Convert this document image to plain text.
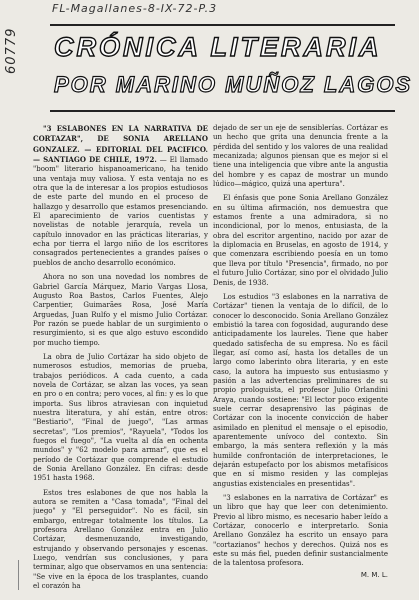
60779
FL-Magallanes-8-IX-72-P.3
CRÓNICA LITERARIA
POR MARINO MUÑOZ LAGOS

"3 ESLABONES EN LA NARRATIVA DE CORTAZAR", DE SONIA ARELLANO GONZALEZ. — EDITORIAL DEL PACIFICO. — SANTIAGO DE CHILE, 1972. — El llamado "boom" literario hispanoamericano, ha tenido una ventaja muy valiosa. Y esta ventaja no es otra que la de interesar a los propios estudiosos de este parte del mundo en el proceso de hallazgo y desarrollo que estamos presenciando. El aparecimiento de varios cuentistas y novelistas de notable jerarquía, revela un capítulo innovador en las prácticas literarias, y echa por tierra el largo niño de los escritores consagrados pertenecientes a grandes países o pueblos de ancho desarrollo económico.

Ahora no son una novedad los nombres de Gabriel García Márquez, Mario Vargas Llosa, Augusto Roa Bastos, Carlos Fuentes, Alejo Carpentier, Guimarães Rosa, José María Arguedas, Juan Rulfo y el mismo Julio Cortázar. Por razón se puede hablar de un surgimiento o resurgimiento, si es que algo estuvo escondido por mucho tiempo.

La obra de Julio Cortázar ha sido objeto de numerosos estudios, memorias de prueba, trabajos periódicos. A cada cuento, a cada novela de Cortázar, se alzan las voces, ya sean en pro o en contra; pero voces, al fin: y es lo que importa. Sus libros atraviesan con inquietud nuestra literatura, y ahí están, entre otros: "Bestiario", "Final de juego", "Las armas secretas", "Los premios", "Rayuela", "Todos los fuegos el fuego", "La vuelta al día en ochenta mundos" y "62 modelo para armar", que es el período de Cortázar que comprende el estudio de Sonia Arellano González. En cifras: desde 1951 hasta 1968.

Estos tres eslabones de que nos habla la autora se remiten a "Casa tomada", "Final del juego" y "El perseguidor". No es fácil, sin embargo, entregar totalmente los títulos. La profesora Arellano González entra en Julio Cortázar, desmenuzando, investigando, estrujando y observando personajes y escenas. Luego, vendrían sus conclusiones, y para terminar, algo que observamos en una sentencia: "Se vive en la época de los trasplantes, cuando el corazón ha

dejado de ser un eje de sensiblerías. Cortázar es un hecho que grita una denuncia frente a la pérdida del sentido y los valores de una realidad mecanizada; algunos piensan que es mejor si el tiene una inteligencia que vibre ante la angustia del hombre y es capaz de mostrar un mundo lúdico—mágico, quizá una apertura".

El énfasis que pone Sonia Arellano González en su última afirmación, nos demuestra que estamos frente a una admiradora, si no incondicional, por lo menos, entusiasta, de la obra del escritor argentino, nacido por azar de la diplomacia en Bruselas, en agosto de 1914, y que comenzara escribiendo poesía en un tomo que lleva por título "Presencia", firmado, no por el futuro Julio Cortázar, sino por el olvidado Julio Denis, de 1938.

Los estudios "3 eslabones en la narrativa de Cortázar" tienen la ventaja de lo difícil, de lo conocer lo desconocido. Sonia Arellano González embistió la tarea con fogosidad, augurando dese anticipadamente los laureles. Tiene que haber quedado satisfecha de su empresa. No es fácil llegar, así como así, hasta los detalles de un largo como laberinto obra literaria, y en este caso, la autora ha impuesto sus entusiasmo y pasión a las advertencias preliminares de su propio prologuista, el profesor Julio Orlandini Araya, cuando sostiene: "El lector poco exigente suele cerrar desaprensivo las páginas de Cortázar con la inocente convicción de haber asimilado en plenitud el mensaje o el episodio, aparentemente unívoco del contexto. Sin embargo, la más sentera reflexión y la más humilde confrontación de interpretaciones, le dejarán estupefacto por los abismos metafísicos que en sí mismo residen y las complejas angustias existenciales en presentidas".

"3 eslabones en la narrativa de Cortázar" es un libro que hay que leer con detenimiento. Previo al libro mismo, es necesario haber leído a Cortázar, conocerlo e interpretarlo. Sonia Arellano González ha escrito un ensayo para "cortazianos" hechos y derechos. Quizá nos es este su más fiel, pueden definir sustancialmente de la talentosa profesora.

M. M. L.
